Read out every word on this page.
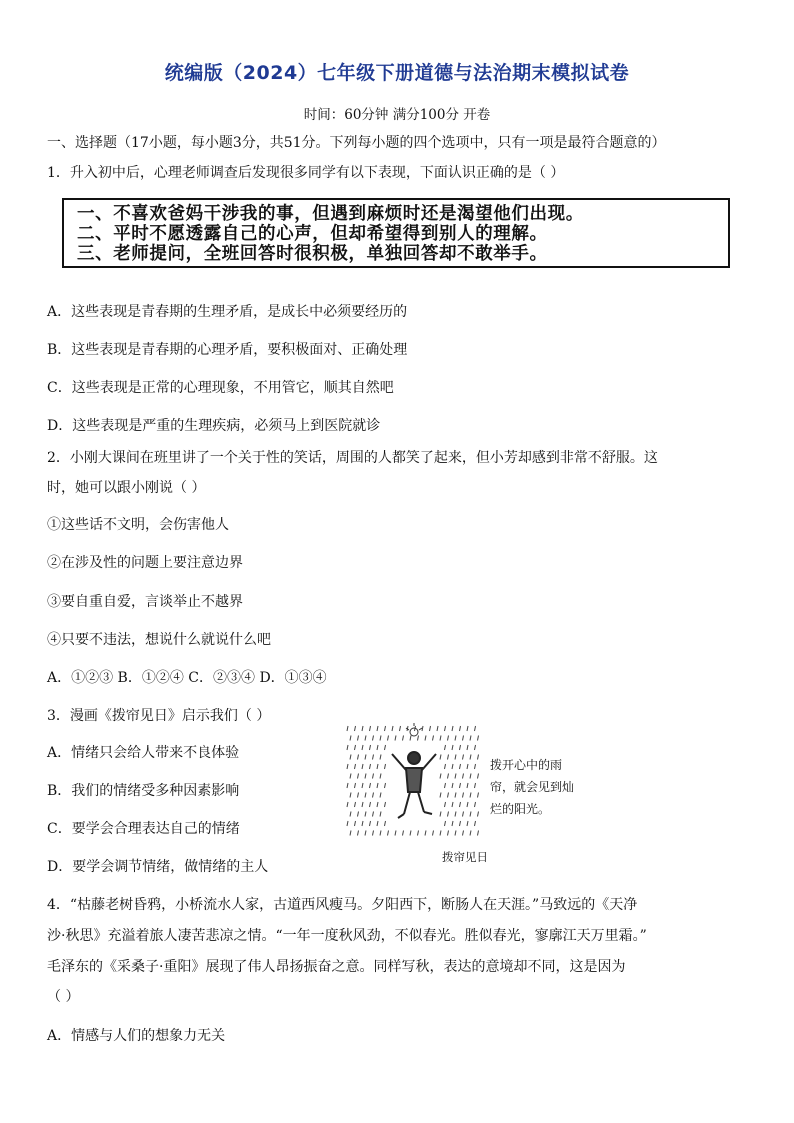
统编版（2024）七年级下册道德与法治期末模拟试卷
时间：60分钟 满分100分 开卷
一、选择题（17小题，每小题3分，共51分。下列每小题的四个选项中，只有一项是最符合题意的）
1．升入初中后，心理老师调查后发现很多同学有以下表现，下面认识正确的是（ ）
一、不喜欢爸妈干涉我的事，但遇到麻烦时还是渴望他们出现。
二、平时不愿透露自己的心声，但却希望得到别人的理解。
三、老师提问，全班回答时很积极，单独回答却不敢举手。
A．这些表现是青春期的生理矛盾，是成长中必须要经历的
B．这些表现是青春期的心理矛盾，要积极面对、正确处理
C．这些表现是正常的心理现象，不用管它，顺其自然吧
D．这些表现是严重的生理疾病，必须马上到医院就诊
2．小刚大课间在班里讲了一个关于性的笑话，周围的人都笑了起来，但小芳却感到非常不舒服。这
时，她可以跟小刚说（ ）
①这些话不文明，会伤害他人
②在涉及性的问题上要注意边界
③要自重自爱，言谈举止不越界
④只要不违法，想说什么就说什么吧
A．①②③ B．①②④ C．②③④ D．①③④
3．漫画《拨帘见日》启示我们（ ）
A．情绪只会给人带来不良体验
B．我们的情绪受多种因素影响
C．要学会合理表达自己的情绪
D．要学会调节情绪，做情绪的主人
拨开心中的雨
帘，就会见到灿
烂的阳光。
拨帘见日
4．“枯藤老树昏鸦，小桥流水人家，古道西风瘦马。夕阳西下，断肠人在天涯。”马致远的《天净
沙·秋思》充溢着旅人凄苦悲凉之情。“一年一度秋风劲，不似春光。胜似春光，寥廓江天万里霜。”
毛泽东的《采桑子·重阳》展现了伟人昂扬振奋之意。同样写秋，表达的意境却不同，这是因为
（ ）
A．情感与人们的想象力无关
